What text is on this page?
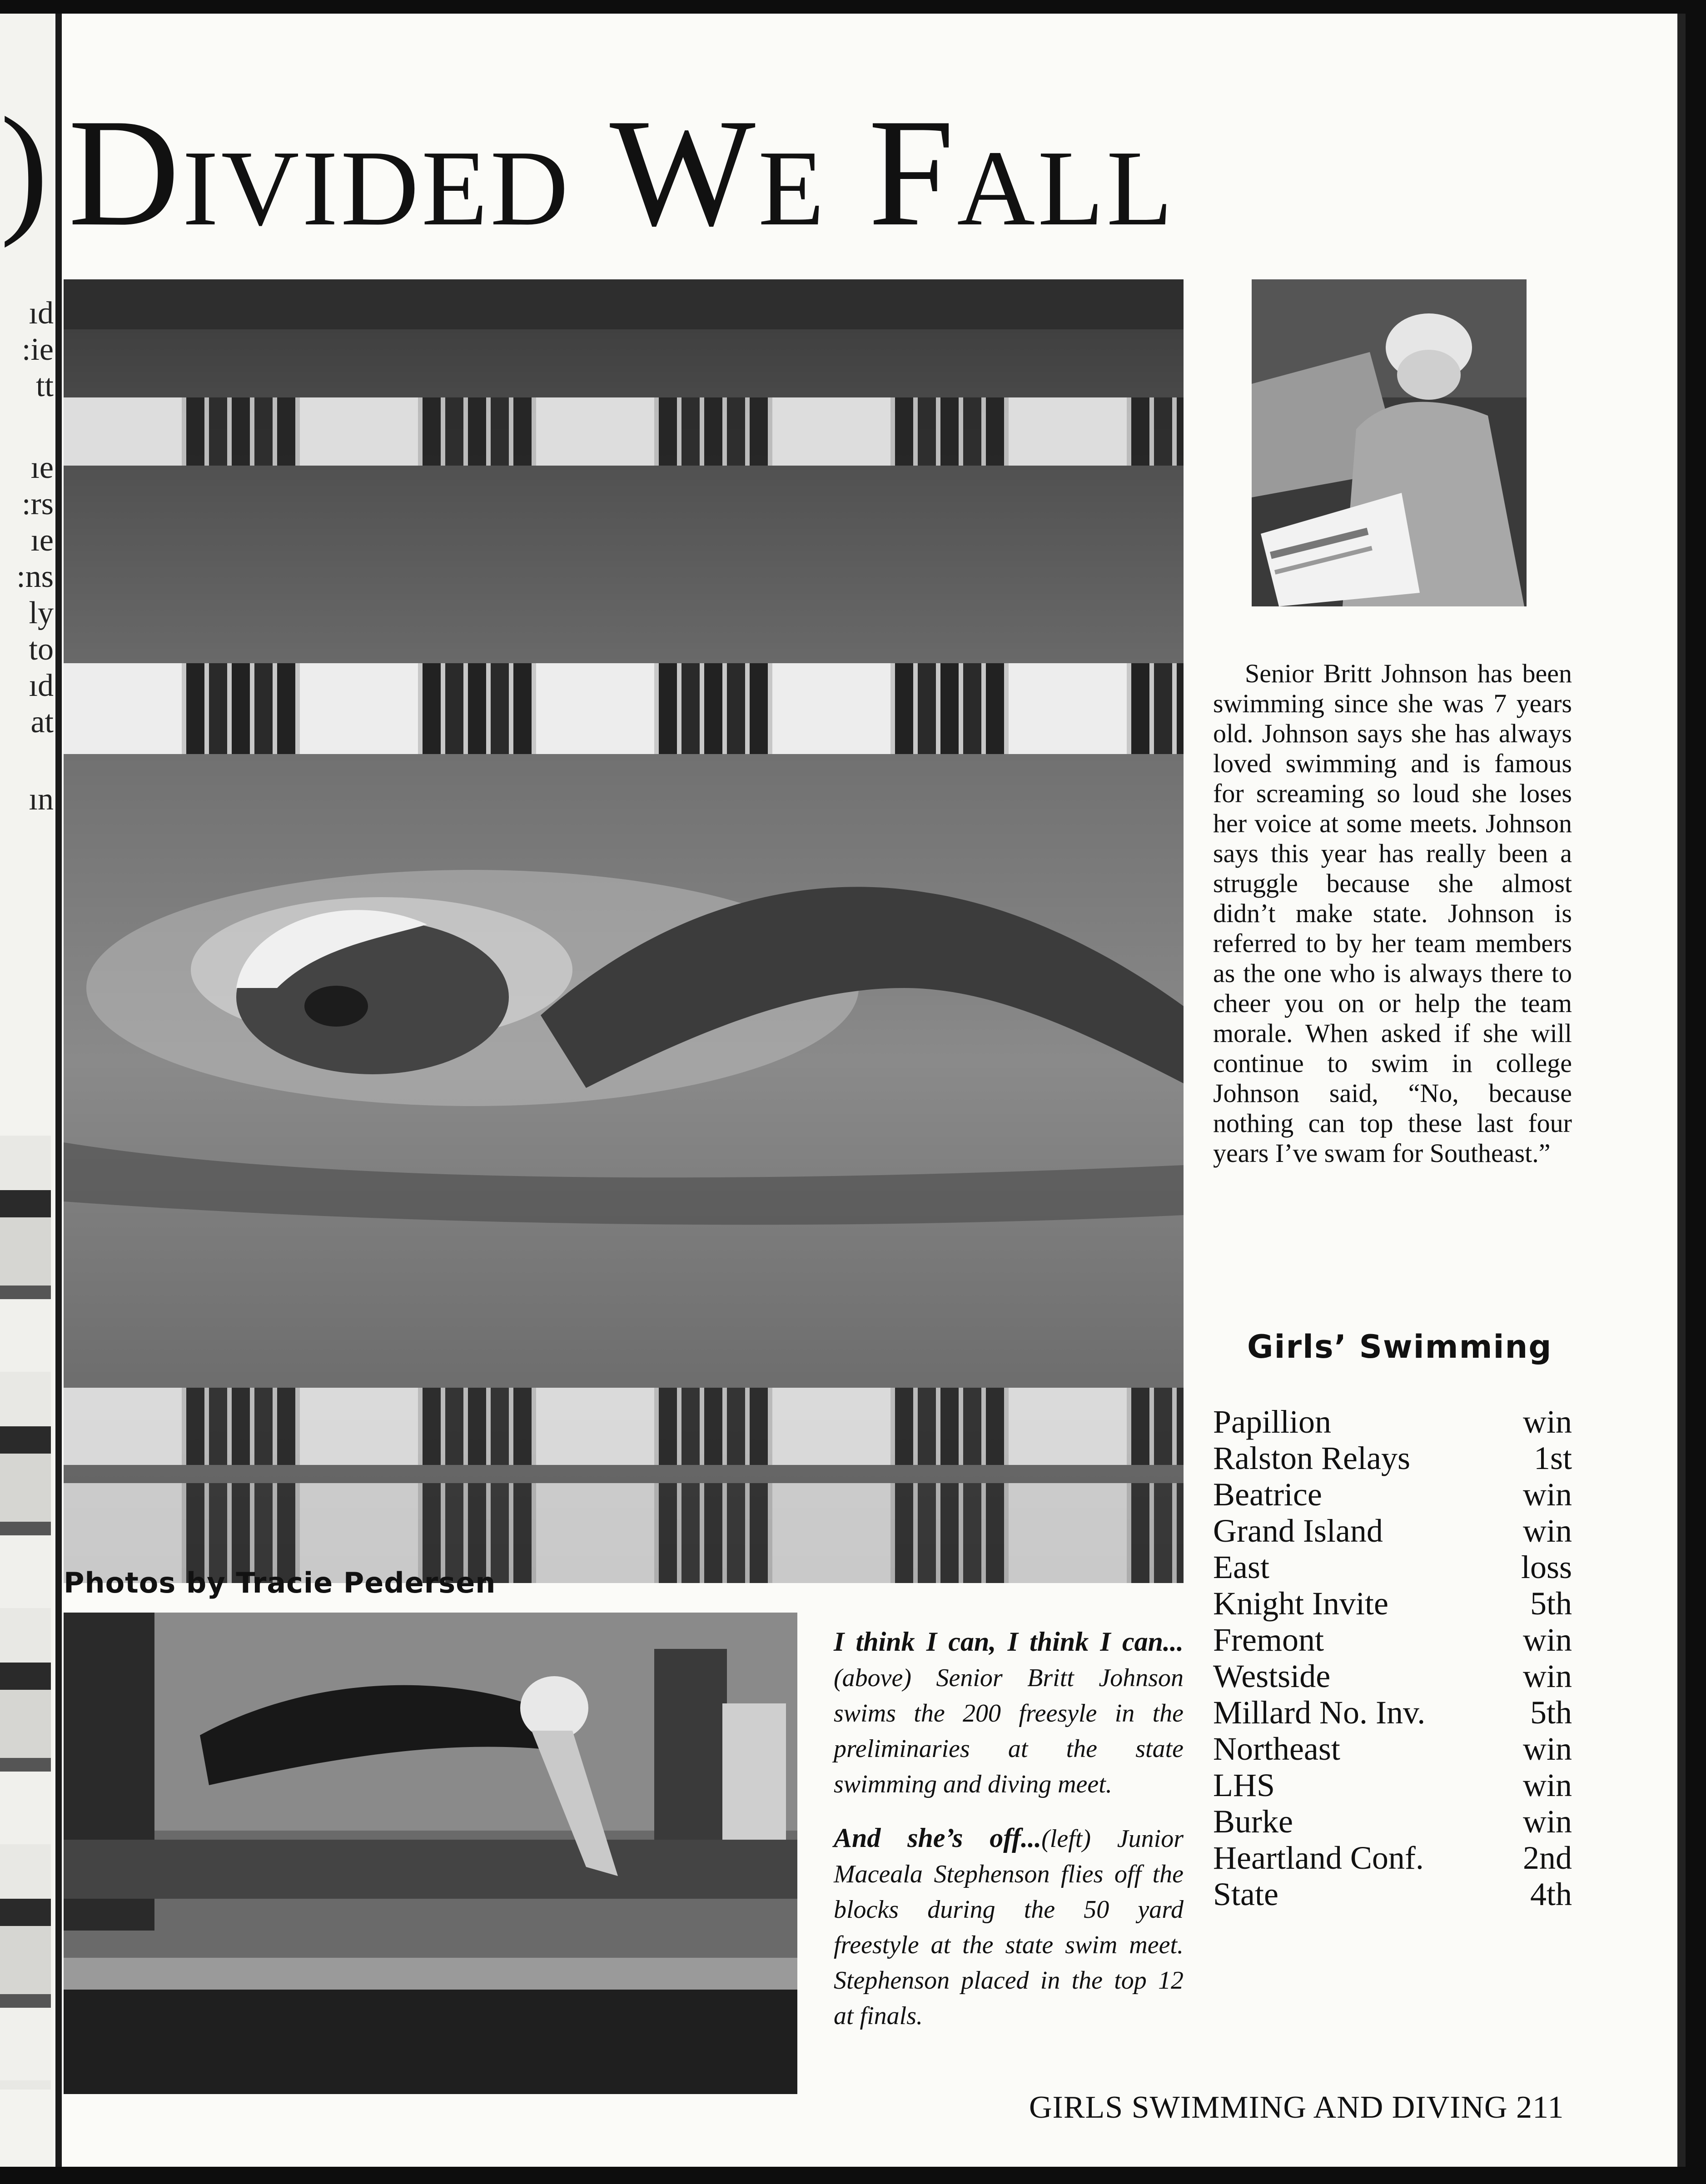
ıd
:ie
tt
ıe
:rs
ıe
:ns
ly
to
ıd
at
ın
) Divided We Fall
Photos by Tracie Pedersen
Senior Britt Johnson has been swimming since she was 7 years old. Johnson says she has always loved swimming and is famous for screaming so loud she loses her voice at some meets. Johnson says this year has really been a struggle because she almost didn’t make state. Johnson is referred to by her team members as the one who is always there to cheer you on or help the team morale. When asked if she will continue to swim in college Johnson said, “No, because nothing can top these last four years I’ve swam for Southeast.”
Girls’ Swimming
Papillion	win
Ralston Relays	1st
Beatrice	win
Grand Island	win
East	loss
Knight Invite	5th
Fremont	win
Westside	win
Millard No. Inv.	5th
Northeast	win
LHS	win
Burke	win
Heartland Conf.	2nd
State	4th

I think I can, I think I can...(above) Senior Britt Johnson swims the 200 freesyle in the preliminaries at the state swimming and diving meet.

And she’s off...(left) Junior Maceala Stephenson flies off the blocks during the 50 yard freestyle at the state swim meet. Stephenson placed in the top 12 at finals.

GIRLS SWIMMING AND DIVING 211
